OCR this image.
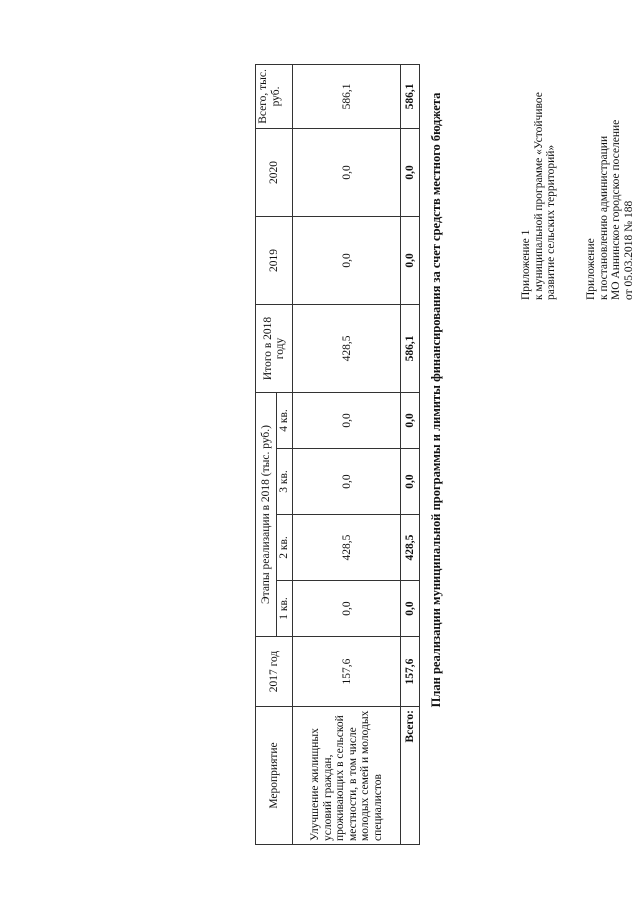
Приложение к постановлению администрации МО Аннинское городское поселение от 05.03.2018 № 188
Приложение 1 к муниципальной программе «Устойчивое развитие сельских территорий»
План реализации муниципальной программы и лимиты финансирования за счет средств местного бюджета
Мероприятие	2017 год	Этапы реализации в 2018 (тыс. руб.)				Итого в 2018 году	2019	2020	Всего, тыс. руб.
		1 кв.	2 кв.	3 кв.	4 кв.				
Улучшение жилищных условий граждан, проживающих в сельской местности, в том числе молодых семей и молодых специалистов	157,6	0,0	428,5	0,0	0,0	428,5	0,0	0,0	586,1
Всего:	157,6	0,0	428,5	0,0	0,0	586,1	0,0	0,0	586,1
